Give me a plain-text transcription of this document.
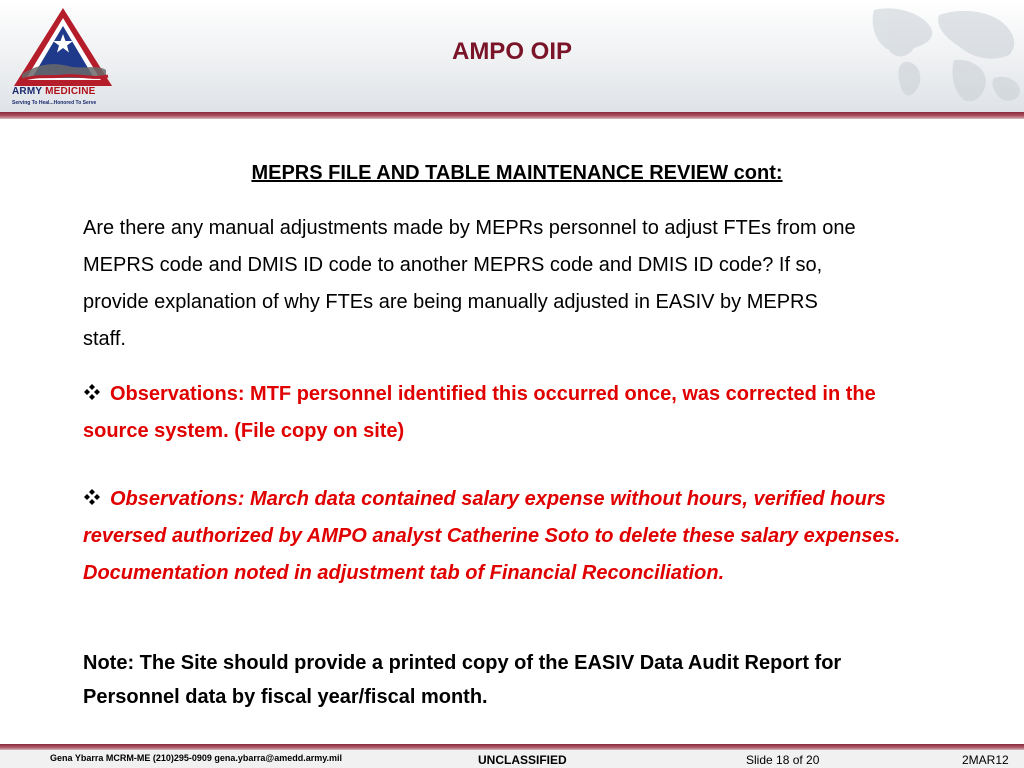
ARMY MEDICINE
Serving To Heal...Honored To Serve
AMPO OIP
MEPRS FILE AND TABLE MAINTENANCE REVIEW cont:
Are there any manual adjustments made by MEPRs personnel to adjust FTEs from one MEPRS code and DMIS ID code to another MEPRS code and DMIS ID code? If so, provide explanation of why FTEs are being manually adjusted in EASIV by MEPRS staff.
Observations: MTF personnel identified this occurred once, was corrected in the source system. (File copy on site)
Observations: March data contained salary expense without hours, verified hours reversed authorized by AMPO analyst Catherine Soto to delete these salary expenses. Documentation noted in adjustment tab of Financial Reconciliation.
Note: The Site should provide a printed copy of the EASIV Data Audit Report for Personnel data by fiscal year/fiscal month.
Gena Ybarra MCRM-ME (210)295-0909 gena.ybarra@amedd.army.mil	UNCLASSIFIED	Slide 18 of 20	2MAR12
